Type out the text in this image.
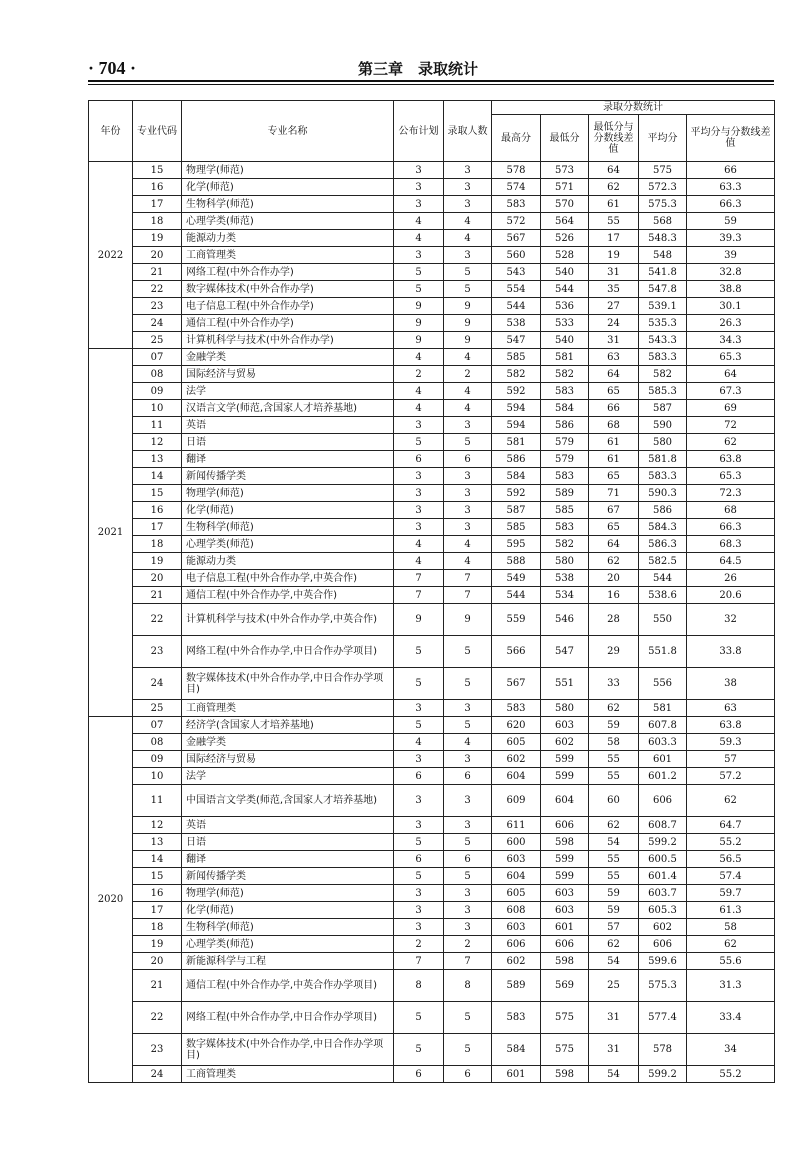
· 704 ·	第三章　录取统计
年份	专业代码	专业名称	公布计划	录取人数	录取分数统计				
					最高分	最低分	最低分与分数线差值	平均分	平均分与分数线差值
2022	15	物理学(师范)	3	3	578	573	64	575	66
	16	化学(师范)	3	3	574	571	62	572.3	63.3
	17	生物科学(师范)	3	3	583	570	61	575.3	66.3
	18	心理学类(师范)	4	4	572	564	55	568	59
	19	能源动力类	4	4	567	526	17	548.3	39.3
	20	工商管理类	3	3	560	528	19	548	39
	21	网络工程(中外合作办学)	5	5	543	540	31	541.8	32.8
	22	数字媒体技术(中外合作办学)	5	5	554	544	35	547.8	38.8
	23	电子信息工程(中外合作办学)	9	9	544	536	27	539.1	30.1
	24	通信工程(中外合作办学)	9	9	538	533	24	535.3	26.3
	25	计算机科学与技术(中外合作办学)	9	9	547	540	31	543.3	34.3
2021	07	金融学类	4	4	585	581	63	583.3	65.3
	08	国际经济与贸易	2	2	582	582	64	582	64
	09	法学	4	4	592	583	65	585.3	67.3
	10	汉语言文学(师范,含国家人才培养基地)	4	4	594	584	66	587	69
	11	英语	3	3	594	586	68	590	72
	12	日语	5	5	581	579	61	580	62
	13	翻译	6	6	586	579	61	581.8	63.8
	14	新闻传播学类	3	3	584	583	65	583.3	65.3
	15	物理学(师范)	3	3	592	589	71	590.3	72.3
	16	化学(师范)	3	3	587	585	67	586	68
	17	生物科学(师范)	3	3	585	583	65	584.3	66.3
	18	心理学类(师范)	4	4	595	582	64	586.3	68.3
	19	能源动力类	4	4	588	580	62	582.5	64.5
	20	电子信息工程(中外合作办学,中英合作)	7	7	549	538	20	544	26
	21	通信工程(中外合作办学,中英合作)	7	7	544	534	16	538.6	20.6
	22	计算机科学与技术(中外合作办学,中英合作)	9	9	559	546	28	550	32
	23	网络工程(中外合作办学,中日合作办学项目)	5	5	566	547	29	551.8	33.8
	24	数字媒体技术(中外合作办学,中日合作办学项目)	5	5	567	551	33	556	38
	25	工商管理类	3	3	583	580	62	581	63
2020	07	经济学(含国家人才培养基地)	5	5	620	603	59	607.8	63.8
	08	金融学类	4	4	605	602	58	603.3	59.3
	09	国际经济与贸易	3	3	602	599	55	601	57
	10	法学	6	6	604	599	55	601.2	57.2
	11	中国语言文学类(师范,含国家人才培养基地)	3	3	609	604	60	606	62
	12	英语	3	3	611	606	62	608.7	64.7
	13	日语	5	5	600	598	54	599.2	55.2
	14	翻译	6	6	603	599	55	600.5	56.5
	15	新闻传播学类	5	5	604	599	55	601.4	57.4
	16	物理学(师范)	3	3	605	603	59	603.7	59.7
	17	化学(师范)	3	3	608	603	59	605.3	61.3
	18	生物科学(师范)	3	3	603	601	57	602	58
	19	心理学类(师范)	2	2	606	606	62	606	62
	20	新能源科学与工程	7	7	602	598	54	599.6	55.6
	21	通信工程(中外合作办学,中英合作办学项目)	8	8	589	569	25	575.3	31.3
	22	网络工程(中外合作办学,中日合作办学项目)	5	5	583	575	31	577.4	33.4
	23	数字媒体技术(中外合作办学,中日合作办学项目)	5	5	584	575	31	578	34
	24	工商管理类	6	6	601	598	54	599.2	55.2
